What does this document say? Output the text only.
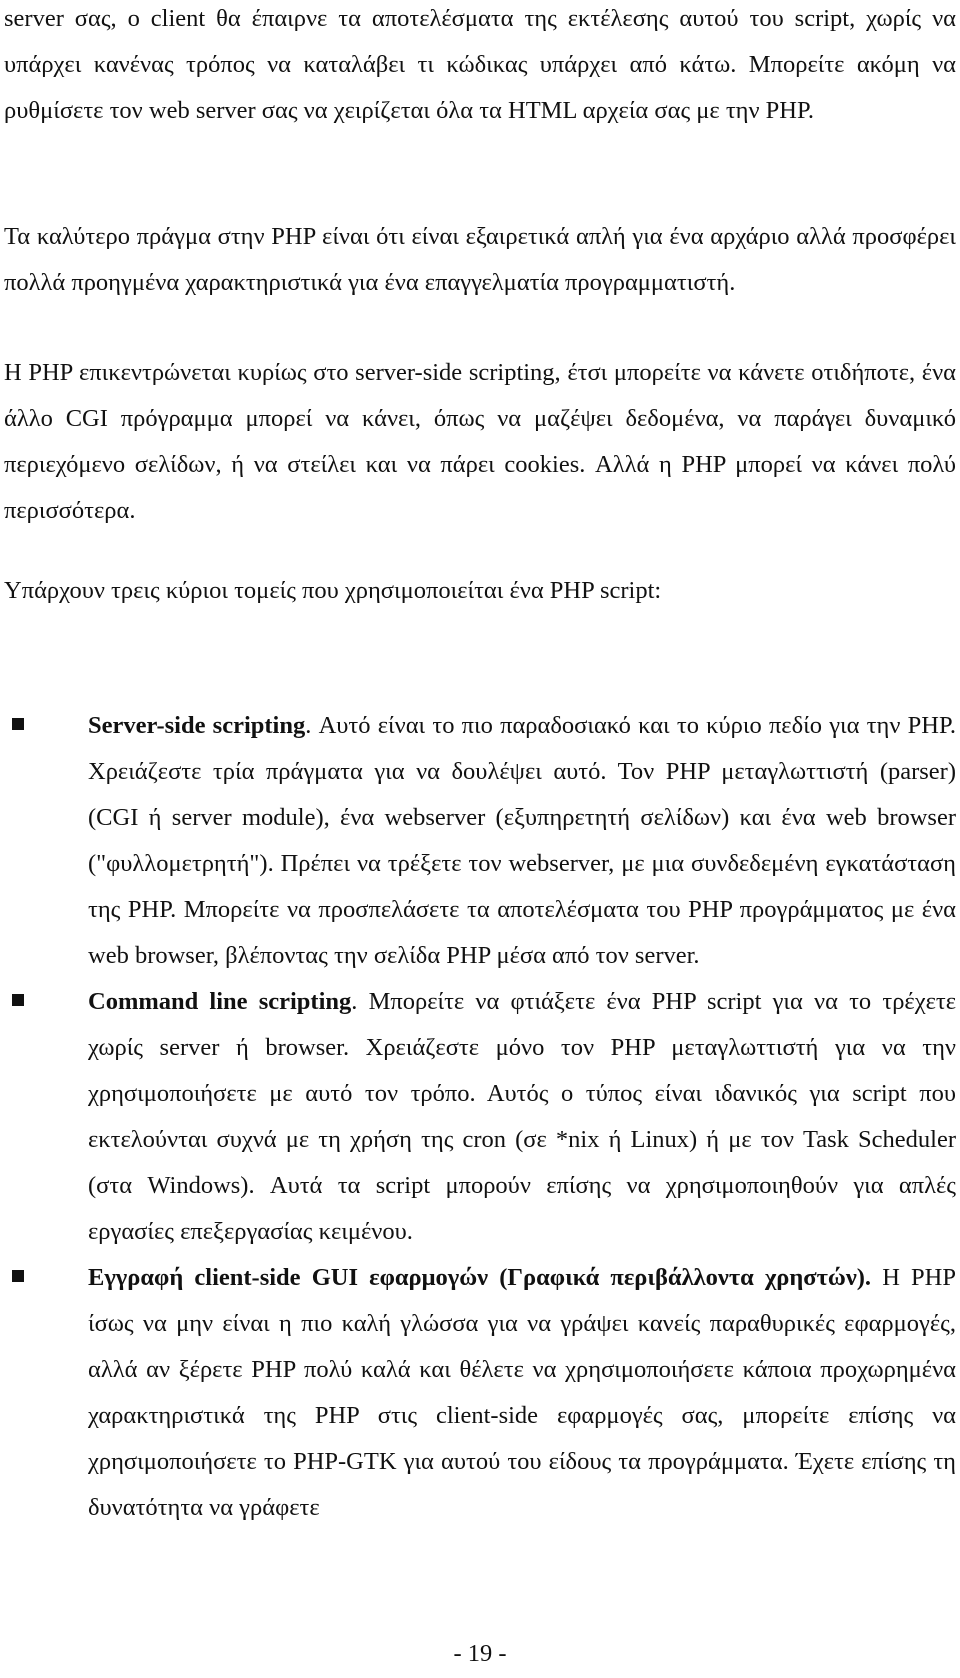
server σας, ο client θα έπαιρνε τα αποτελέσματα της εκτέλεσης αυτού του script, χωρίς να υπάρχει κανένας τρόπος να καταλάβει τι κώδικας υπάρχει από κάτω. Μπορείτε ακόμη να ρυθμίσετε τον web server σας να χειρίζεται όλα τα HTML αρχεία σας με την PHP.

Τα καλύτερο πράγμα στην PHP είναι ότι είναι εξαιρετικά απλή για ένα αρχάριο αλλά προσφέρει πολλά προηγμένα χαρακτηριστικά για ένα επαγγελματία προγραμματιστή.

Η PHP επικεντρώνεται κυρίως στο server-side scripting, έτσι μπορείτε να κάνετε οτιδήποτε, ένα άλλο CGI πρόγραμμα μπορεί να κάνει, όπως να μαζέψει δεδομένα, να παράγει δυναμικό περιεχόμενο σελίδων, ή να στείλει και να πάρει cookies. Αλλά η PHP μπορεί να κάνει πολύ περισσότερα.

Υπάρχουν τρεις κύριοι τομείς που χρησιμοποιείται ένα PHP script:

Server-side scripting. Αυτό είναι το πιο παραδοσιακό και το κύριο πεδίο για την PHP. Χρειάζεστε τρία πράγματα για να δουλέψει αυτό. Τον PHP μεταγλωττιστή (parser) (CGI ή server module), ένα webserver (εξυπηρετητή σελίδων) και ένα web browser ("φυλλομετρητή"). Πρέπει να τρέξετε τον webserver, με μια συνδεδεμένη εγκατάσταση της PHP. Μπορείτε να προσπελάσετε τα αποτελέσματα του PHP προγράμματος με ένα web browser, βλέποντας την σελίδα PHP μέσα από τον server.
Command line scripting. Μπορείτε να φτιάξετε ένα PHP script για να το τρέχετε χωρίς server ή browser. Χρειάζεστε μόνο τον PHP μεταγλωττιστή για να την χρησιμοποιήσετε με αυτό τον τρόπο. Αυτός ο τύπος είναι ιδανικός για script που εκτελούνται συχνά με τη χρήση της cron (σε *nix ή Linux) ή με τον Task Scheduler (στα Windows). Αυτά τα script μπορούν επίσης να χρησιμοποιηθούν για απλές εργασίες επεξεργασίας κειμένου.
Εγγραφή client-side GUI εφαρμογών (Γραφικά περιβάλλοντα χρηστών). Η PHP ίσως να μην είναι η πιο καλή γλώσσα για να γράψει κανείς παραθυρικές εφαρμογές, αλλά αν ξέρετε PHP πολύ καλά και θέλετε να χρησιμοποιήσετε κάποια προχωρημένα χαρακτηριστικά της PHP στις client-side εφαρμογές σας, μπορείτε επίσης να χρησιμοποιήσετε το PHP-GTK για αυτού του είδους τα προγράμματα. Έχετε επίσης τη δυνατότητα να γράφετε
- 19 -
